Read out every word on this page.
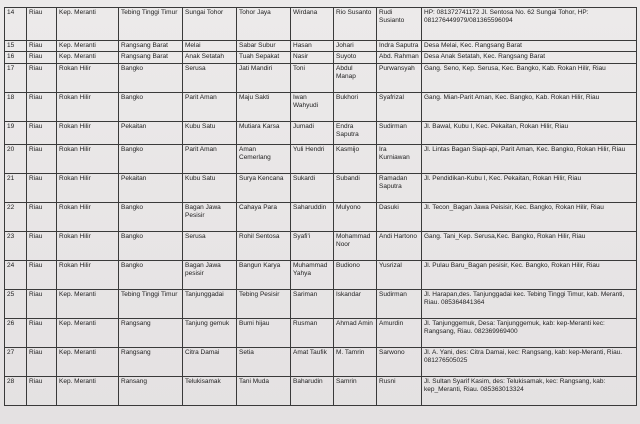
14	Riau	Kep. Meranti	Tebing Tinggi Timur	Sungai Tohor	Tohor Jaya	Wirdana	Rio Susanto	Rudi Susianto	HP: 081372741172 Jl. Sentosa No. 62 Sungai Tohor, HP: 081276449979/081365596094
15	Riau	Kep. Meranti	Rangsang Barat	Melai	Sabar Subur	Hasan	Johari	Indra Saputra	Desa Melai, Kec. Rangsang Barat
16	Riau	Kep. Meranti	Rangsang Barat	Anak Setatah	Tuah Sepakat	Nasir	Suyoto	Abd. Rahman	Desa Anak Setatah, Kec. Rangsang Barat
17	Riau	Rokan Hilir	Bangko	Serusa	Jati Mandiri	Toni	Abdul Manap	Purwansyah	Gang. Seno, Kep. Serusa, Kec. Bangko, Kab. Rokan Hilir, Riau
18	Riau	Rokan Hilir	Bangko	Parit Aman	Maju Sakti	Iwan Wahyudi	Bukhori	Syafrizal	Gang. Mian-Parit Aman, Kec. Bangko, Kab. Rokan Hilir, Riau
19	Riau	Rokan Hilir	Pekaitan	Kubu Satu	Mutiara Karsa	Jumadi	Endra Saputra	Sudirman	Jl. Bawal, Kubu I, Kec. Pekaitan, Rokan Hilir, Riau
20	Riau	Rokan Hilir	Bangko	Parit Aman	Aman Cemerlang	Yuli Hendri	Kasmijo	Ira Kurniawan	Jl. Lintas Bagan Siapi-api, Parit Aman, Kec. Bangko, Rokan Hilir, Riau
21	Riau	Rokan Hilir	Pekaitan	Kubu Satu	Surya Kencana	Sukardi	Subandi	Ramadan Saputra	Jl. Pendidikan-Kubu I, Kec. Pekaitan, Rokan Hilir, Riau
22	Riau	Rokan Hilir	Bangko	Bagan Jawa Pesisir	Cahaya Para	Saharuddin	Mulyono	Dasuki	Jl. Tecon_Bagan Jawa Peisisir, Kec. Bangko, Rokan Hilir, Riau
23	Riau	Rokan Hilir	Bangko	Serusa	Rohil Sentosa	Syafi'i	Mohammad Noor	Andi Hartono	Gang. Tani_Kep. Serusa,Kec. Bangko, Rokan Hilir, Riau
24	Riau	Rokan Hilir	Bangko	Bagan Jawa pesisir	Bangun Karya	Muhammad Yahya	Budiono	Yusrizal	Jl. Pulau Baru_Bagan pesisir, Kec. Bangko, Rokan Hilir, Riau
25	Riau	Kep. Meranti	Tebing Tinggi Timur	Tanjunggadai	Tebing Pesisir	Sariman	Iskandar	Sudirman	Jl. Harapan,des. Tanjunggadai kec. Tebing Tinggi Timur, kab. Meranti, Riau. 085364841364
26	Riau	Kep. Meranti	Rangsang	Tanjung gemuk	Bumi hijau	Rusman	Ahmad Amin	Amurdin	Jl. Tanjunggemuk, Desa: Tanjunggemuk, kab: kep-Meranti kec: Rangsang, Riau. 082369969400
27	Riau	Kep. Meranti	Rangsang	Citra Damai	Setia	Amat Taufik	M. Tamrin	Sarwono	Jl. A. Yani, des: Citra Damai, kec: Rangsang, kab: kep-Meranti, Riau. 081276505025
28	Riau	Kep. Meranti	Ransang	Telukisamak	Tani Muda	Baharudin	Samrin	Rusni	Jl. Sultan Syarif Kasim, des: Telukisamak, kec: Rangsang, kab: kep_Meranti, Riau. 085363013324
